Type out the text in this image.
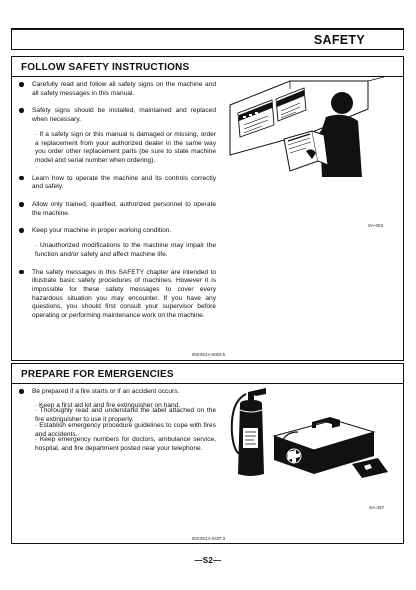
SAFETY
FOLLOW SAFETY INSTRUCTIONS
Carefully read and follow all safety signs on the machine and all safety messages in this manual.
Safety signs should be installed, maintained and replaced when necessary.
· If a safety sign or this manual is damaged or missing, order a replacement from your authorized dealer in the same way you order other replacement parts (be sure to state machine model and serial number when ordering).
Learn how to operate the machine and its controls correctly and safely.
Allow only trained, qualified, authorized personnel to operate the machine.
Keep your machine in proper working condition.
· Unauthorized modifications to the machine may impair the function and/or safety and affect machine life.
The safety messages in this SAFETY chapter are intended to illustrate basic safety procedures of machines. However it is impossible for these safety messages to cover every hazardous situation you may encounter. If you have any questions, you should first consult your supervisor before operating or performing maintenance work on the machine.
SA-003
003-E01A-0003-5
PREPARE FOR EMERGENCIES
Be prepared if a fire starts or if an accident occurs.
· Keep a first aid kit and fire extinguisher on hand.
· Thoroughly read and understand the label attached on the fire extinguisher to use it properly.
· Establish emergency procedure guidelines to cope with fires and accidents.
· Keep emergency numbers for doctors, ambulance service, hospital, and fire department posted near your telephone.
SA-437
004-E01A-0437-3
—S2—
